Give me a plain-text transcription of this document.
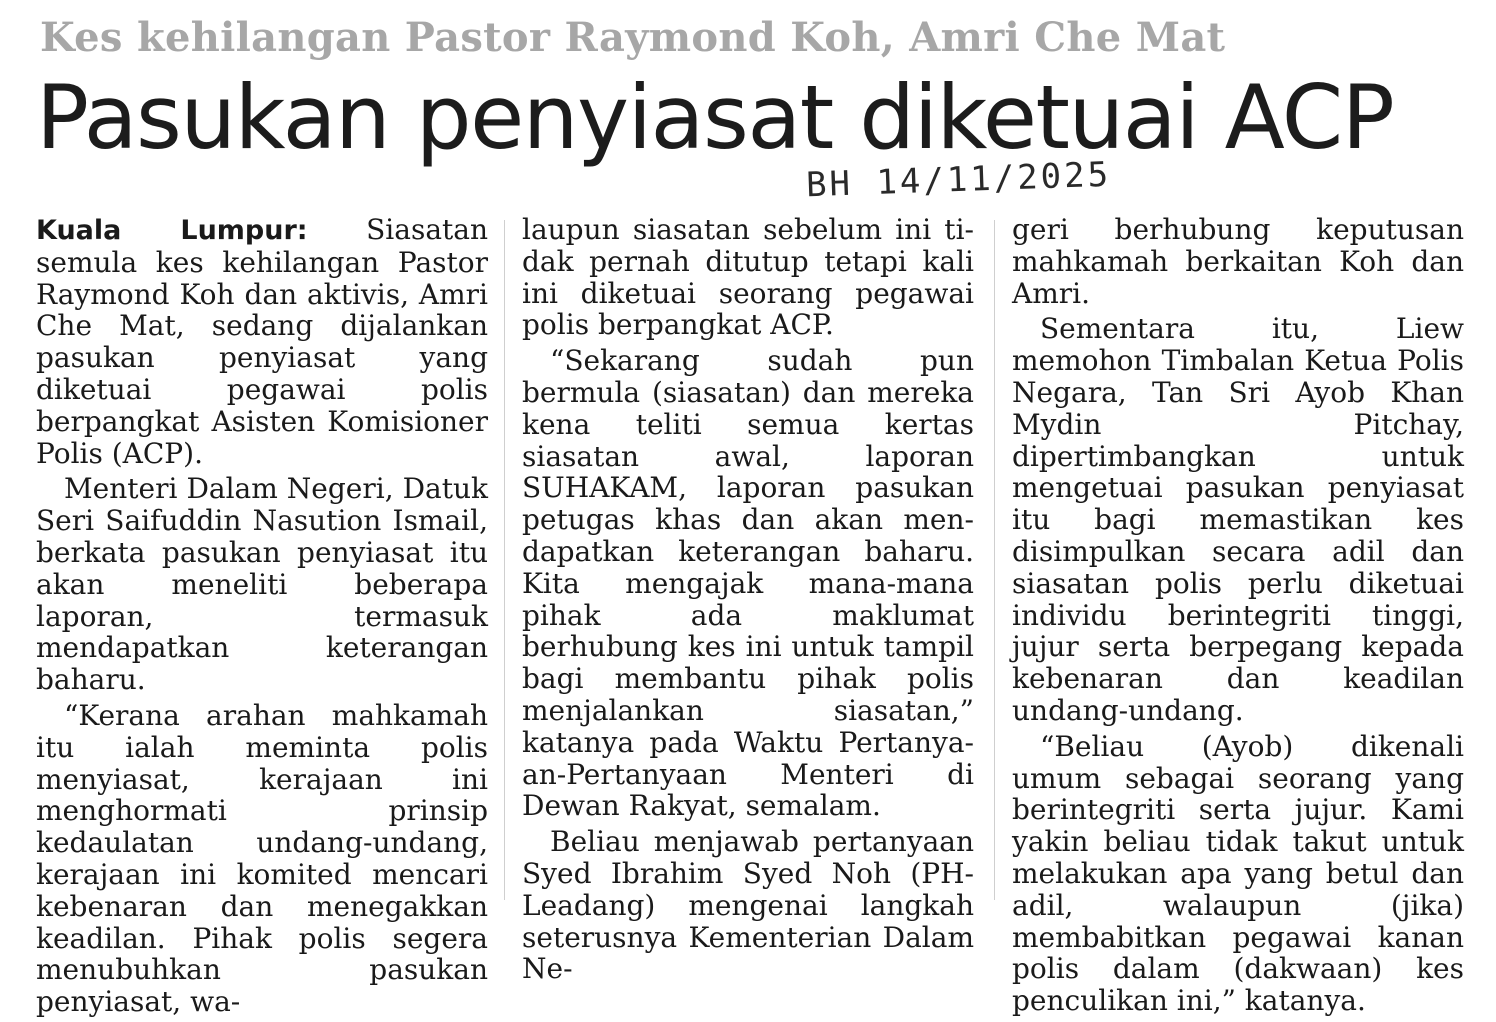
Kes kehilangan Pastor Raymond Koh, Amri Che Mat
Pasukan penyiasat diketuai ACP
BH 14/11/2025

Kuala Lumpur: Siasatan semula kes kehilangan Pastor Raymond Koh dan aktivis, Amri Che Mat, sedang dijalankan pasukan penyiasat yang diketuai pegawai polis berpangkat Asisten Komisioner Polis (ACP).

Menteri Dalam Negeri, Datuk Seri Saifuddin Nasution Ismail, berkata pasukan penyiasat itu akan meneliti beberapa laporan, termasuk mendapatkan keterangan baharu.

“Kerana arahan mahkamah itu ialah meminta polis menyiasat, kerajaan ini menghormati prinsip kedaulatan undang-undang, kerajaan ini komited mencari kebenaran dan menegakkan keadilan. Pihak polis segera menubuhkan pasukan penyiasat, wa-

laupun siasatan sebelum ini tidak pernah ditutup tetapi kali ini diketuai seorang pegawai polis berpangkat ACP.

“Sekarang sudah pun bermula (siasatan) dan mereka kena teliti semua kertas siasatan awal, laporan SUHAKAM, laporan pasukan petugas khas dan akan mendapatkan keterangan baharu. Kita mengajak mana-mana pihak ada maklumat berhubung kes ini untuk tampil bagi membantu pihak polis menjalankan siasatan,” katanya pada Waktu Pertanyaan-Pertanyaan Menteri di Dewan Rakyat, semalam.

Beliau menjawab pertanyaan Syed Ibrahim Syed Noh (PH-Leadang) mengenai langkah seterusnya Kementerian Dalam Ne-

geri berhubung keputusan mahkamah berkaitan Koh dan Amri.

Sementara itu, Liew memohon Timbalan Ketua Polis Negara, Tan Sri Ayob Khan Mydin Pitchay, dipertimbangkan untuk mengetuai pasukan penyiasat itu bagi memastikan kes disimpulkan secara adil dan siasatan polis perlu diketuai individu berintegriti tinggi, jujur serta berpegang kepada kebenaran dan keadilan undang-undang.

“Beliau (Ayob) dikenali umum sebagai seorang yang berintegriti serta jujur. Kami yakin beliau tidak takut untuk melakukan apa yang betul dan adil, walaupun (jika) membabitkan pegawai kanan polis dalam (dakwaan) kes penculikan ini,” katanya.
